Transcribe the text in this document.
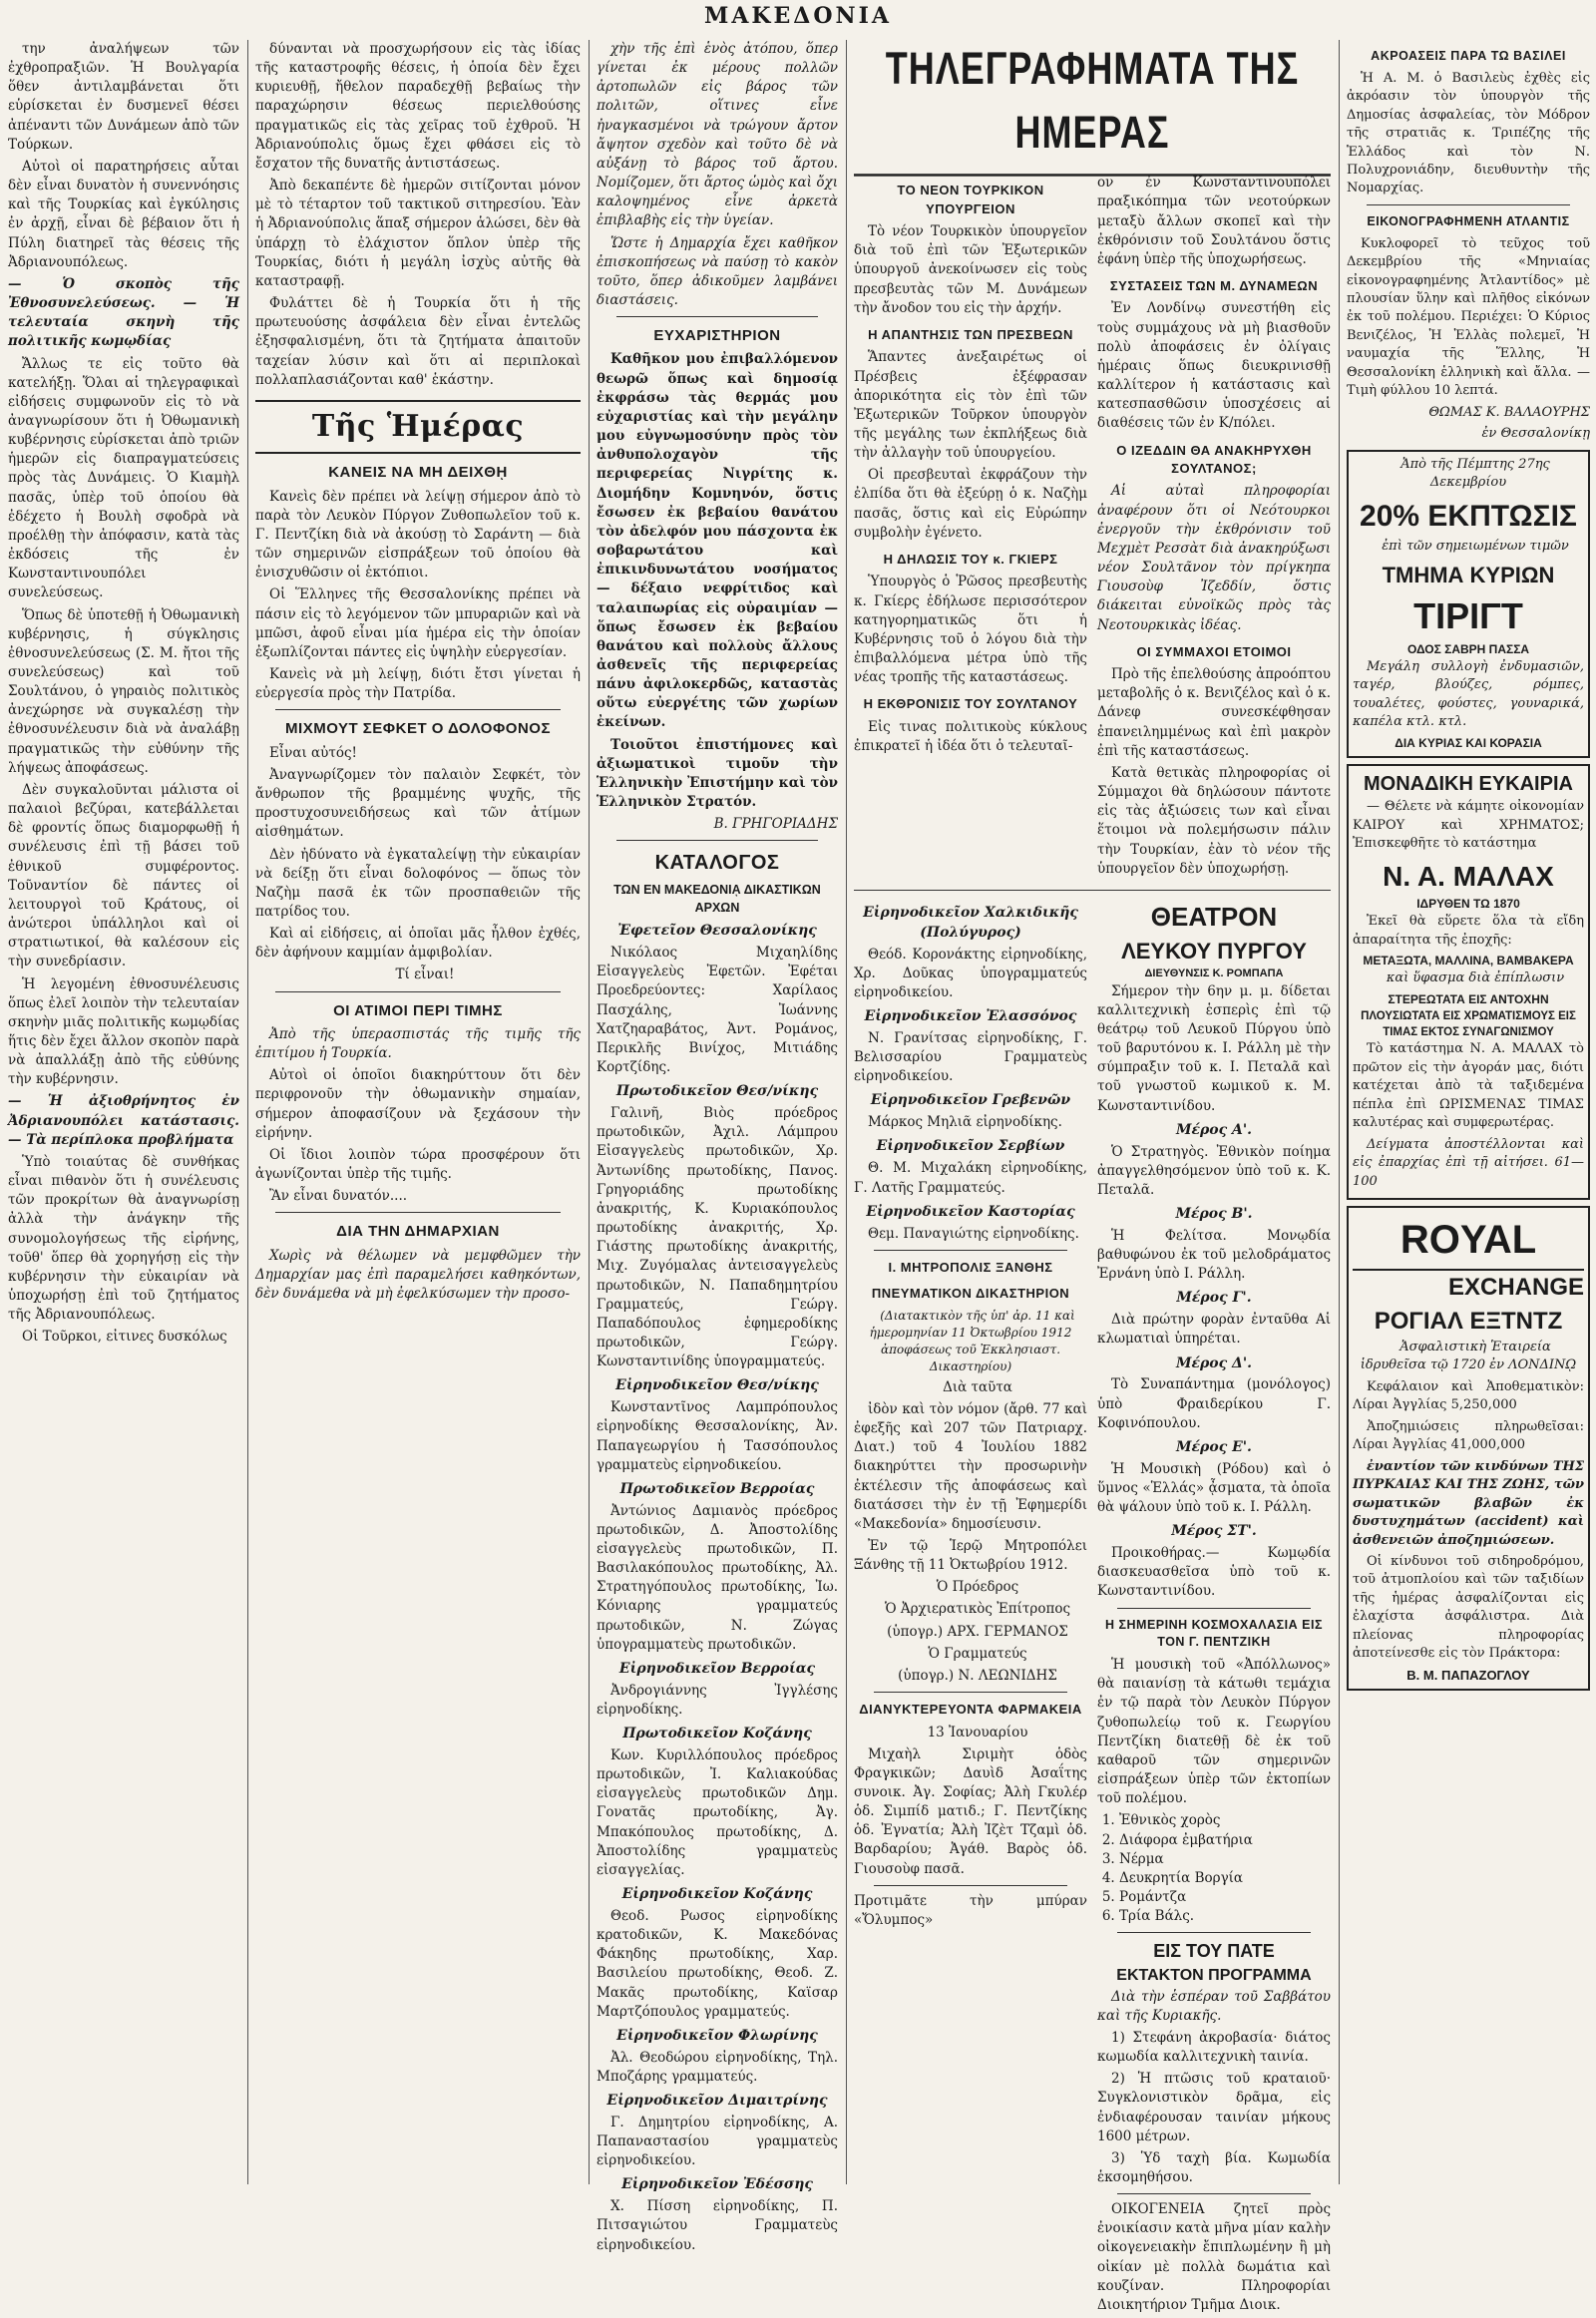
ΜΑΚΕΔΟΝΙΑ

την ἀναλήψεων τῶν ἐχθροπραξιῶν. Ἡ Βουλγαρία ὅθεν ἀντιλαμβάνεται ὅτι εὑρίσκεται ἐν δυσμενεῖ θέσει ἀπέναντι τῶν Δυνάμεων ἀπὸ τῶν Τούρκων.

Αὐτοὶ οἱ παρατηρήσεις αὗται δὲν εἶναι δυνατὸν ἡ συνεννόησις καὶ τῆς Τουρκίας καὶ ἐγκύλησις ἐν ἀρχῇ, εἶναι δὲ βέβαιον ὅτι ἡ Πύλη διατηρεῖ τὰς θέσεις τῆς Ἀδριανουπόλεως.

— Ὁ σκοπὸς τῆς Ἐθνοσυνελεύσεως. — Ἡ τελευταία σκηνὴ τῆς πολιτικῆς κωμῳδίας

Ἄλλως τε εἰς τοῦτο θὰ κατελήξῃ. Ὅλαι αἱ τηλεγραφικαὶ εἰδήσεις συμφωνοῦν εἰς τὸ νὰ ἀναγνωρίσουν ὅτι ἡ Ὀθωμανικὴ κυβέρνησις εὑρίσκεται ἀπὸ τριῶν ἡμερῶν εἰς διαπραγματεύσεις πρὸς τὰς Δυνάμεις. Ὁ Κιαμὴλ πασᾶς, ὑπὲρ τοῦ ὁποίου θὰ ἐδέχετο ἡ Βουλὴ σφοδρὰ νὰ προέλθῃ τὴν ἀπόφασιν, κατὰ τὰς ἐκδόσεις τῆς ἐν Κωνσταντινουπόλει συνελεύσεως.

Ὅπως δὲ ὑποτεθῇ ἡ Ὀθωμανικὴ κυβέρνησις, ἡ σύγκλησις ἐθνοσυνελεύσεως (Σ. Μ. ἤτοι τῆς συνελεύσεως) καὶ τοῦ Σουλτάνου, ὁ γηραιὸς πολιτικὸς ἀνεχώρησε νὰ συγκαλέσῃ τὴν ἐθνοσυνέλευσιν διὰ νὰ ἀναλάβῃ πραγματικῶς τὴν εὐθύνην τῆς λήψεως ἀποφάσεως.

Δὲν συγκαλοῦνται μάλιστα οἱ παλαιοὶ βεζύραι, κατεβάλλεται δὲ φροντίς ὅπως διαμορφωθῇ ἡ συνέλευσις ἐπὶ τῇ βάσει τοῦ ἐθνικοῦ συμφέροντος. Τοῦναντίον δὲ πάντες οἱ λειτουργοὶ τοῦ Κράτους, οἱ ἀνώτεροι ὑπάλληλοι καὶ οἱ στρατιωτικοί, θὰ καλέσουν εἰς τὴν συνεδρίασιν.

Ἡ λεγομένη ἐθνοσυνέλευσις ὅπως ἐλεῖ λοιπὸν τὴν τελευταίαν σκηνὴν μιᾶς πολιτικῆς κωμῳδίας ἥτις δὲν ἔχει ἄλλον σκοπὸν παρὰ νὰ ἀπαλλάξῃ ἀπὸ τῆς εὐθύνης τὴν κυβέρνησιν.

— Ἡ ἀξιοθρήνητος ἐν Ἀδριανουπόλει κατάστασις. — Τὰ περίπλοκα προβλήματα

Ὑπὸ τοιαύτας δὲ συνθήκας εἶναι πιθανὸν ὅτι ἡ συνέλευσις τῶν προκρίτων θὰ ἀναγνωρίσῃ ἀλλὰ τὴν ἀνάγκην τῆς συνομολογήσεως τῆς εἰρήνης, τοῦθ' ὅπερ θὰ χορηγήσῃ εἰς τὴν κυβέρνησιν τὴν εὐκαιρίαν νὰ ὑποχωρήσῃ ἐπὶ τοῦ ζητήματος τῆς Ἀδριανουπόλεως.

Οἱ Τοῦρκοι, εἰτινες δυσκόλως

δύνανται νὰ προσχωρήσουν εἰς τὰς ἰδίας τῆς καταστροφῆς θέσεις, ἡ ὁποία δὲν ἔχει κυριευθῇ, ἤθελον παραδεχθῇ βεβαίως τὴν παραχώρησιν θέσεως περιελθούσης πραγματικῶς εἰς τὰς χεῖρας τοῦ ἐχθροῦ. Ἡ Ἀδριανούπολις ὅμως ἔχει φθάσει εἰς τὸ ἔσχατον τῆς δυνατῆς ἀντιστάσεως.

Ἀπὸ δεκαπέντε δὲ ἡμερῶν σιτίζονται μόνον μὲ τὸ τέταρτον τοῦ τακτικοῦ σιτηρεσίου. Ἐὰν ἡ Ἀδριανούπολις ἅπαξ σήμερον ἁλώσει, δὲν θὰ ὑπάρχῃ τὸ ἐλάχιστον ὅπλον ὑπὲρ τῆς Τουρκίας, διότι ἡ μεγάλη ἰσχὺς αὐτῆς θὰ καταστραφῇ.

Φυλάττει δὲ ἡ Τουρκία ὅτι ἡ τῆς πρωτευούσης ἀσφάλεια δὲν εἶναι ἐντελῶς ἐξησφαλισμένη, ὅτι τὰ ζητήματα ἀπαιτοῦν ταχείαν λύσιν καὶ ὅτι αἱ περιπλοκαὶ πολλαπλασιάζονται καθ' ἑκάστην.

Τῆς Ἡμέρας
ΚΑΝΕΙΣ ΝΑ ΜΗ ΔΕΙΧΘῌ

Κανεὶς δὲν πρέπει νὰ λείψῃ σήμερον ἀπὸ τὸ παρὰ τὸν Λευκὸν Πύργον Ζυθοπωλεῖον τοῦ κ. Γ. Πεντζίκη διὰ νὰ ἀκούσῃ τὸ Σαράντη — διὰ τῶν σημερινῶν εἰσπράξεων τοῦ ὁποίου θὰ ἐνισχυθῶσιν οἱ ἐκτόπιοι.

Οἱ Ἕλληνες τῆς Θεσσαλονίκης πρέπει νὰ πάσιν εἰς τὸ λεγόμενον τῶν μπυραριῶν καὶ νὰ μπῶσι, ἀφοῦ εἶναι μία ἡμέρα εἰς τὴν ὁποίαν ἐξωπλίζονται πάντες εἰς ὑψηλὴν εὐεργεσίαν.

Κανεὶς νὰ μὴ λείψῃ, διότι ἔτσι γίνεται ἡ εὐεργεσία πρὸς τὴν Πατρίδα.

ΜΙΧΜΟΥΤ ΣΕΦΚΕΤ Ο ΔΟΛΟΦΟΝΟΣ

Εἶναι αὐτός!

Ἀναγνωρίζομεν τὸν παλαιὸν Σεφκέτ, τὸν ἄνθρωπον τῆς βραμμένης ψυχῆς, τῆς προστυχοσυνειδήσεως καὶ τῶν ἀτίμων αἰσθημάτων.

Δὲν ἠδύνατο νὰ ἐγκαταλείψῃ τὴν εὐκαιρίαν νὰ δείξῃ ὅτι εἶναι δολοφόνος — ὅπως τὸν Ναζὴμ πασᾶ ἐκ τῶν προσπαθειῶν τῆς πατρίδος του.

Καὶ αἱ εἰδήσεις, αἱ ὁποῖαι μᾶς ἦλθον ἐχθές, δὲν ἀφήνουν καμμίαν ἀμφιβολίαν.

Τί εἶναι!

ΟΙ ΑΤΙΜΟΙ ΠΕΡΙ ΤΙΜΗΣ

Ἀπὸ τῆς ὑπερασπιστάς τῆς τιμῆς τῆς ἐπιτίμου ἡ Τουρκία.

Αὐτοὶ οἱ ὁποῖοι διακηρύττουν ὅτι δὲν περιφρονοῦν τὴν ὀθωμανικὴν σημαίαν, σήμερον ἀποφασίζουν νὰ ξεχάσουν τὴν εἰρήνην.

Οἱ ἴδιοι λοιπὸν τώρα προσφέρουν ὅτι ἀγωνίζονται ὑπὲρ τῆς τιμῆς.

Ἂν εἶναι δυνατόν....

ΔΙΑ ΤΗΝ ΔΗΜΑΡΧΙΑΝ

Χωρὶς νὰ θέλωμεν νὰ μεμφθῶμεν τὴν Δημαρχίαν μας ἐπὶ παραμελήσει καθηκόντων, δὲν δυνάμεθα νὰ μὴ ἐφελκύσωμεν τὴν προσο-

χὴν τῆς ἐπὶ ἑνὸς ἀτόπου, ὅπερ γίνεται ἐκ μέρους πολλῶν ἀρτοπωλῶν εἰς βάρος τῶν πολιτῶν, οἵτινες εἶνε ἠναγκασμένοι νὰ τρώγουν ἄρτον ἄψητον σχεδὸν καὶ τοῦτο δὲ νὰ αὐξάνῃ τὸ βάρος τοῦ ἄρτου. Νομίζομεν, ὅτι ἄρτος ὡμὸς καὶ ὄχι καλοψημένος εἶνε ἀρκετὰ ἐπιβλαβὴς εἰς τὴν ὑγείαν.

Ὥστε ἡ Δημαρχία ἔχει καθῆκον ἐπισκοπήσεως νὰ παύσῃ τὸ κακὸν τοῦτο, ὅπερ ἀδικοῦμεν λαμβάνει διαστάσεις.

ΕΥΧΑΡΙΣΤΗΡΙΟΝ

Καθῆκον μου ἐπιβαλλόμενον θεωρῶ ὅπως καὶ δημοσίᾳ ἐκφράσω τὰς θερμάς μου εὐχαριστίας καὶ τὴν μεγάλην μου εὐγνωμοσύνην πρὸς τὸν ἀνθυπολοχαγὸν τῆς περιφερείας Νιγρίτης κ. Διομήδην Κομνηνόν, ὅστις ἔσωσεν ἐκ βεβαίου θανάτου τὸν ἀδελφόν μου πάσχοντα ἐκ σοβαρωτάτου καὶ ἐπικινδυνωτάτου νοσήματος — δέξαιο νεφρίτιδος καὶ ταλαιπωρίας εἰς οὐραιμίαν — ὅπως ἔσωσεν ἐκ βεβαίου θανάτου καὶ πολλοὺς ἄλλους ἀσθενεῖς τῆς περιφερείας πάνυ ἀφιλοκερδῶς, καταστὰς οὕτω εὐεργέτης τῶν χωρίων ἐκείνων.

Τοιοῦτοι ἐπιστήμονες καὶ ἀξιωματικοὶ τιμοῦν τὴν Ἑλληνικὴν Ἐπιστήμην καὶ τὸν Ἑλληνικὸν Στρατόν.

Β. ΓΡΗΓΟΡΙΑΔΗΣ

ΚΑΤΑΛΟΓΟΣ
ΤΩΝ ΕΝ ΜΑΚΕΔΟΝΙᾼ ΔΙΚΑΣΤΙΚΩΝ ΑΡΧΩΝ
Ἐφετεῖον Θεσσαλονίκης

Νικόλαος Μιχαηλίδης Εἰσαγγελεὺς Ἐφετῶν. Ἐφέται Προεδρεύοντες: Χαρίλαος Πασχάλης, Ἰωάννης Χατζηαραβάτος, Ἀντ. Ρομάνος, Περικλῆς Βινίχος, Μιτιάδης Κορτζίδης.

Πρωτοδικεῖον Θεσ/νίκης

Γαλινῆ, Βιὸς πρόεδρος πρωτοδικῶν, Ἀχιλ. Λάμπρου Εἰσαγγελεὺς πρωτοδικῶν, Χρ. Ἀντωνίδης πρωτοδίκης, Πανος. Γρηγοριάδης πρωτοδίκης ἀνακριτής, Κ. Κυριακόπουλος πρωτοδίκης ἀνακριτής, Χρ. Γιάστης πρωτοδίκης ἀνακριτής, Μιχ. Ζυγόμαλας ἀντεισαγγελεὺς πρωτοδικῶν, Ν. Παπαδημητρίου Γραμματεύς, Γεώργ. Παπαδόπουλος ἐφημεροδίκης πρωτοδικῶν, Γεώργ. Κωνσταντινίδης ὑπογραμματεύς.

Εἰρηνοδικεῖον Θεσ/νίκης

Κωνσταντῖνος Λαμπρόπουλος εἰρηνοδίκης Θεσσαλονίκης, Ἀν. Παπαγεωργίου ἡ Τασσόπουλος γραμματεὺς εἰρηνοδικείου.

Πρωτοδικεῖον Βερροίας

Ἀντώνιος Δαμιανὸς πρόεδρος πρωτοδικῶν, Δ. Ἀποστολίδης εἰσαγγελεὺς πρωτοδικῶν, Π. Βασιλακόπουλος πρωτοδίκης, Ἀλ. Στρατηγόπουλος πρωτοδίκης, Ἰω. Κόνιαρης γραμματεύς πρωτοδικῶν, Ν. Ζώγας ὑπογραμματεὺς πρωτοδικῶν.

Εἰρηνοδικεῖον Βερροίας

Ἀνδρογιάννης Ἰγγλέσης εἰρηνοδίκης.

Πρωτοδικεῖον Κοζάνης

Κων. Κυριλλόπουλος πρόεδρος πρωτοδικῶν, Ἰ. Καλιακούδας εἰσαγγελεὺς πρωτοδικῶν Δημ. Γονατᾶς πρωτοδίκης, Ἀγ. Μπακόπουλος πρωτοδίκης, Δ. Ἀποστολίδης γραμματεὺς εἰσαγγελίας.

Εἰρηνοδικεῖον Κοζάνης

Θεοδ. Ρωσος εἰρηνοδίκης κρατοδικῶν, Κ. Μακεδόνας Φάκηδης πρωτοδίκης, Χαρ. Βασιλείου πρωτοδίκης, Θεοδ. Ζ. Μακᾶς πρωτοδίκης, Καϊσαρ Μαρτζόπουλος γραμματεύς.

Εἰρηνοδικεῖον Φλωρίνης

Ἀλ. Θεοδώρου εἰρηνοδίκης, Τηλ. Μποζάρης γραμματεύς.

Εἰρηνοδικεῖον Διμαιτρίνης

Γ. Δημητρίου εἰρηνοδίκης, Α. Παπαναστασίου γραμματεὺς εἰρηνοδικείου.

Εἰρηνοδικεῖον Ἐδέσσης

Χ. Πίσση εἰρηνοδίκης, Π. Πιτσαγιώτου Γραμματεὺς εἰρηνοδικείου.

ΤΗΛΕΓΡΑΦΗΜΑΤΑ ΤΗΣ ΗΜΕΡΑΣ
ΤΟ ΝΕΟΝ ΤΟΥΡΚΙΚΟΝ ΥΠΟΥΡΓΕΙΟΝ

Τὸ νέον Τουρκικὸν ὑπουργεῖον διὰ τοῦ ἐπὶ τῶν Ἐξωτερικῶν ὑπουργοῦ ἀνεκοίνωσεν εἰς τοὺς πρεσβευτὰς τῶν Μ. Δυνάμεων τὴν ἄνοδον του εἰς τὴν ἀρχήν.

Η ΑΠΑΝΤΗΣΙΣ ΤΩΝ ΠΡΕΣΒΕΩΝ

Ἅπαντες ἀνεξαιρέτως οἱ Πρέσβεις ἐξέφρασαν ἀπορικότητα εἰς τὸν ἐπὶ τῶν Ἐξωτερικῶν Τοῦρκον ὑπουργὸν τῆς μεγάλης των ἐκπλήξεως διὰ τὴν ἀλλαγὴν τοῦ ὑπουργείου.

Οἱ πρεσβευταὶ ἐκφράζουν τὴν ἐλπίδα ὅτι θὰ ἐξεύρῃ ὁ κ. Ναζὴμ πασᾶς, ὅστις καὶ εἰς Εὐρώπην συμβολὴν ἐγένετο.

Η ΔΗΛΩΣΙΣ ΤΟΥ κ. ΓΚΙΕΡΣ

Ὑπουργὸς ὁ Ῥῶσος πρεσβευτὴς κ. Γκίερς ἐδήλωσε περισσότερον κατηγορηματικῶς ὅτι ἡ Κυβέρνησις τοῦ ὁ λόγου διὰ τὴν ἐπιβαλλόμενα μέτρα ὑπὸ τῆς νέας τροπῆς τῆς καταστάσεως.

Η ΕΚΘΡΟΝΙΣΙΣ ΤΟΥ ΣΟΥΛΤΑΝΟΥ

Εἰς τινας πολιτικοὺς κύκλους ἐπικρατεῖ ἡ ἰδέα ὅτι ὁ τελευταῖ-

ον ἐν Κωνσταντινουπόλει πραξικόπημα τῶν νεοτούρκων μεταξὺ ἄλλων σκοπεῖ καὶ τὴν ἐκθρόνισιν τοῦ Σουλτάνου ὅστις ἐφάνη ὑπὲρ τῆς ὑποχωρήσεως.

ΣΥΣΤΑΣΕΙΣ ΤΩΝ Μ. ΔΥΝΑΜΕΩΝ

Ἐν Λονδίνῳ συνεστήθη εἰς τοὺς συμμάχους νὰ μὴ βιασθοῦν πολὺ ἀποφάσεις ἐν ὀλίγαις ἡμέραις ὅπως διευκρινισθῇ καλλίτερον ἡ κατάστασις καὶ κατεσπασθῶσιν ὑποσχέσεις αἱ διαθέσεις τῶν ἐν Κ/πόλει.

Ο ΙΖΕΔΔΙΝ ΘΑ ΑΝΑΚΗΡΥΧΘΗ ΣΟΥΛΤΑΝΟΣ;

Αἱ αὐταὶ πληροφορίαι ἀναφέρουν ὅτι οἱ Νεότουρκοι ἐνεργοῦν τὴν ἐκθρόνισιν τοῦ Μεχμὲτ Ρεσσὰτ διὰ ἀνακηρύξωσι νέον Σουλτᾶνον τὸν πρίγκηπα Γιουσοὺφ Ἰζεδδίν, ὅστις διάκειται εὐνοϊκῶς πρὸς τὰς Νεοτουρκικὰς ἰδέας.

ΟΙ ΣΥΜΜΑΧΟΙ ΕΤΟΙΜΟΙ

Πρὸ τῆς ἐπελθούσης ἀπροόπτου μεταβολῆς ὁ κ. Βενιζέλος καὶ ὁ κ. Δάνεφ συνεσκέφθησαν ἐπανειλημμένως καὶ ἐπὶ μακρὸν ἐπὶ τῆς καταστάσεως.

Κατὰ θετικὰς πληροφορίας οἱ Σύμμαχοι θὰ δηλώσουν πάντοτε εἰς τὰς ἀξιώσεις των καὶ εἶναι ἕτοιμοι νὰ πολεμήσωσιν πάλιν τὴν Τουρκίαν, ἐὰν τὸ νέον τῆς ὑπουργεῖον δὲν ὑποχωρήσῃ.

Εἰρηνοδικεῖον Χαλκιδικῆς (Πολύγυρος)

Θεόδ. Κορονάκτης εἰρηνοδίκης, Χρ. Δοῦκας ὑπογραμματεύς εἰρηνοδικείου.

Εἰρηνοδικεῖον Ἐλασσόνος

Ν. Γρανίτσας εἰρηνοδίκης, Γ. Βελισσαρίου Γραμματεὺς εἰρηνοδικείου.

Εἰρηνοδικεῖον Γρεβενῶν

Μάρκος Μηλιᾶ εἰρηνοδίκης.

Εἰρηνοδικεῖον Σερβίων

Θ. Μ. Μιχαλάκη εἰρηνοδίκης, Γ. Λατῆς Γραμματεύς.

Εἰρηνοδικεῖον Καστορίας

Θεμ. Παναγιώτης εἰρηνοδίκης.

Ι. ΜΗΤΡΟΠΟΛΙΣ ΞΑΝΘΗΣ
ΠΝΕΥΜΑΤΙΚΟΝ ΔΙΚΑΣΤΗΡΙΟΝ

(Διατακτικὸν τῆς ὑπ' ἀρ. 11 καὶ ἡμερομηνίαν 11 Ὀκτωβρίου 1912 ἀποφάσεως τοῦ Ἐκκλησιαστ. Δικαστηρίου)

Διὰ ταῦτα

ἰδὸν καὶ τὸν νόμον (ἄρθ. 77 καὶ ἐφεξῆς καὶ 207 τῶν Πατριαρχ. Διατ.) τοῦ 4 Ἰουλίου 1882 διακηρύττει τὴν προσωρινὴν ἐκτέλεσιν τῆς ἀποφάσεως καὶ διατάσσει τὴν ἐν τῇ Ἐφημερίδι «Μακεδονία» δημοσίευσιν.

Ἐν τῷ Ἱερῷ Μητροπόλει Ξάνθης τῇ 11 Ὀκτωβρίου 1912.

Ὁ Πρόεδρος

Ὁ Ἀρχιερατικὸς Ἐπίτροπος

(ὑπογρ.) ΑΡΧ. ΓΕΡΜΑΝΟΣ

Ὁ Γραμματεύς

(ὑπογρ.) Ν. ΛΕΩΝΙΔΗΣ

ΔΙΑΝΥΚΤΕΡΕΥΟΝΤΑ ΦΑΡΜΑΚΕΙΑ

13 Ἰανουαρίου

Μιχαὴλ Σιριμὴτ ὁδὸς Φραγκικῶν; Δαυὶδ Ἀσαΐτης συνοικ. Ἀγ. Σοφίας; Ἀλὴ Γκυλέρ ὁδ. Σιμπίδ ματιδ.; Γ. Πεντζίκης ὁδ. Ἐγνατία; Ἀλὴ Ἰζὲτ Τζαμὶ ὁδ. Βαρδαρίου; Ἀγάθ. Βαρὸς ὁδ. Γιουσοὺφ πασᾶ.

Προτιμᾶτε τὴν μπύραν «Ὄλυμπος»

ΘΕΑΤΡΟΝ
ΛΕΥΚΟΥ ΠΥΡΓΟΥ
ΔΙΕΥΘΥΝΣΙΣ Κ. ΡΟΜΠΑΠΑ

Σήμερον τὴν 6ην μ. μ. δίδεται καλλιτεχνικὴ ἑσπερὶς ἐπὶ τῷ θεάτρῳ τοῦ Λευκοῦ Πύργου ὑπὸ τοῦ βαρυτόνου κ. Ι. Ράλλη μὲ τὴν σύμπραξιν τοῦ κ. Ι. Πεταλᾶ καὶ τοῦ γνωστοῦ κωμικοῦ κ. Μ. Κωνσταντινίδου.

Μέρος Α'.

Ὁ Στρατηγὸς. Ἐθνικὸν ποίημα ἀπαγγελθησόμενον ὑπὸ τοῦ κ. Κ. Πεταλᾶ.

Μέρος Β'.

Ἡ Φελίτσα. Μονῳδία βαθυφώνου ἐκ τοῦ μελοδράματος Ἐρνάνη ὑπὸ Ι. Ράλλη.

Μέρος Γ'.

Διὰ πρώτην φορὰν ἐνταῦθα Αἱ κλωματιαὶ ὑπηρέται.

Μέρος Δ'.

Τὸ Συναπάντημα (μονόλογος) ὑπὸ Φραιδερίκου Γ. Κοφινόπουλου.

Μέρος Ε'.

Ἡ Μουσικὴ (Ρόδου) καὶ ὁ ὕμνος «Ἑλλάς» ᾆσματα, τὰ ὁποῖα θὰ ψάλουν ὑπὸ τοῦ κ. Ι. Ράλλη.

Μέρος ΣΤ'.

Προικοθήρας.— Κωμῳδία διασκευασθεῖσα ὑπὸ τοῦ κ. Κωνσταντινίδου.

Η ΣΗΜΕΡΙΝΗ ΚΟΣΜΟΧΑΛΑΣΙΑ ΕΙΣ ΤΟΝ Γ. ΠΕΝΤΖΙΚΗ

Ἡ μουσικὴ τοῦ «Ἀπόλλωνος» θὰ παιανίσῃ τὰ κάτωθι τεμάχια ἐν τῷ παρὰ τὸν Λευκὸν Πύργον ζυθοπωλείῳ τοῦ κ. Γεωργίου Πεντζίκη διατεθῇ δὲ ἐκ τοῦ καθαροῦ τῶν σημερινῶν εἰσπράξεων ὑπὲρ τῶν ἐκτοπίων τοῦ πολέμου.

1. Ἐθνικὸς χορὸς
2. Διάφορα ἐμβατήρια
3. Νέρμα
4. Δευκρητία Βοργία
5. Ρομάντζα
6. Τρία Βάλς.
ΕΙΣ ΤΟΥ ΠΑΤΕ
ΕΚΤΑΚΤΟΝ ΠΡΟΓΡΑΜΜΑ

Διὰ τὴν ἑσπέραν τοῦ Σαββάτου καὶ τῆς Κυριακῆς.

1) Στεφάνη ἀκροβασία· διάτος κωμωδία καλλιτεχνικὴ ταινία.

2) Ἡ πτῶσις τοῦ κραταιοῦ· Συγκλονιστικὸν δρᾶμα, εἰς ἐνδιαφέρουσαν ταινίαν μήκους 1600 μέτρων.

3) Ὑδ ταχὴ βία. Κωμωδία ἑκσομηθήσου.

ΟΙΚΟΓΕΝΕΙΑ ζητεῖ πρὸς ἐνοικίασιν κατὰ μῆνα μίαν καλὴν οἰκογενειακὴν ἔπιπλωμένην ἢ μὴ οἰκίαν μὲ πολλὰ δωμάτια καὶ κουζίναν. Πληροφορίαι Διοικητήριον Τμῆμα Διοικ.

ΑΚΡΟΑΣΕΙΣ ΠΑΡΑ ΤΩ ΒΑΣΙΛΕΙ

Ἡ Α. Μ. ὁ Βασιλεὺς ἐχθὲς εἰς ἀκρόασιν τὸν ὑπουργὸν τῆς Δημοσίας ἀσφαλείας, τὸν Μόδρον τῆς στρατιᾶς κ. Τριπέζης τῆς Ἑλλάδος καὶ τὸν Ν. Πολυχρονιάδην, διευθυντὴν τῆς Νομαρχίας.

ΕΙΚΟΝΟΓΡΑΦΗΜΕΝΗ ΑΤΛΑΝΤΙΣ

Κυκλοφορεῖ τὸ τεῦχος τοῦ Δεκεμβρίου τῆς «Μηνιαίας εἰκονογραφημένης Ἀτλαντίδος» μὲ πλουσίαν ὕλην καὶ πλῆθος εἰκόνων ἐκ τοῦ πολέμου. Περιέχει: Ὁ Κύριος Βενιζέλος, Ἡ Ἑλλὰς πολεμεῖ, Ἡ ναυμαχία τῆς Ἕλλης, Ἡ Θεσσαλονίκη ἑλληνικὴ καὶ ἄλλα. — Τιμὴ φύλλου 10 λεπτά.

ΘΩΜΑΣ Κ. ΒΑΛΑΟΥΡΗΣ

ἐν Θεσσαλονίκῃ

Ἀπὸ τῆς Πέμπτης 27ης Δεκεμβρίου

20% ΕΚΠΤΩΣΙΣ

ἐπὶ τῶν σημειωμένων τιμῶν

ΤΜΗΜΑ ΚΥΡΙΩΝ
ΤΙΡΙΓΤ
ΟΔΟΣ ΣΑΒΡΗ ΠΑΣΣΑ

Μεγάλη συλλογὴ ἐνδυμασιῶν, ταγέρ, βλούζες, ρόμπες, τουαλέτες, φούστες, γουναρικά, καπέλα κτλ. κτλ.

ΔΙΑ ΚΥΡΙΑΣ ΚΑΙ ΚΟΡΑΣΙΑ
ΜΟΝΑΔΙΚΗ ΕΥΚΑΙΡΙΑ

— Θέλετε νὰ κάμητε οἰκονομίαν ΚΑΙΡΟΥ καὶ ΧΡΗΜΑΤΟΣ; Ἐπισκεφθῆτε τὸ κατάστημα

Ν. Α. ΜΑΛΑΧ
ΙΔΡΥΘΕΝ ΤΩ 1870

Ἐκεῖ θὰ εὕρετε ὅλα τὰ εἴδη ἀπαραίτητα τῆς ἐποχῆς:

ΜΕΤΑΞΩΤΑ, ΜΑΛΛΙΝΑ, ΒΑΜΒΑΚΕΡΑ

καὶ ὕφασμα διὰ ἐπίπλωσιν

ΣΤΕΡΕΩΤΑΤΑ ΕΙΣ ΑΝΤΟΧΗΝ
ΠΛΟΥΣΙΩΤΑΤΑ ΕΙΣ ΧΡΩΜΑΤΙΣΜΟΥΣ ΕΙΣ ΤΙΜΑΣ ΕΚΤΟΣ ΣΥΝΑΓΩΝΙΣΜΟΥ

Τὸ κατάστημα Ν. Α. ΜΑΛΑΧ τὸ πρῶτον εἰς τὴν ἀγοράν μας, διότι κατέχεται ἀπὸ τὰ ταξιδεμένα πέπλα ἐπὶ ΩΡΙΣΜΕΝΑΣ ΤΙΜΑΣ καλυτέρας καὶ συμφερωτέρας.

Δείγματα ἀποστέλλονται καὶ εἰς ἐπαρχίας ἐπὶ τῇ αἰτήσει. 61—100

ROYAL
EXCHANGE
ΡΟΓΙΑΛ ΕΞΤΝΤΖ

Ἀσφαλιστικὴ Ἑταιρεία ἱδρυθεῖσα τῷ 1720 ἐν ΛΟΝΔΙΝῼ

Κεφάλαιον καὶ Ἀποθεματικὸν: Λίραι Ἀγγλίας 5,250,000

Ἀποζημιώσεις πληρωθεῖσαι: Λίραι Ἀγγλίας 41,000,000

ἐναντίον τῶν κινδύνων ΤΗΣ ΠΥΡΚΑΙΑΣ ΚΑΙ ΤΗΣ ΖΩΗΣ, τῶν σωματικῶν βλαβῶν ἐκ δυστυχημάτων (accident) καὶ ἀσθενειῶν ἀποζημιώσεων.

Οἱ κίνδυνοι τοῦ σιδηροδρόμου, τοῦ ἀτμοπλοίου καὶ τῶν ταξιδίων τῆς ἡμέρας ἀσφαλίζονται εἰς ἐλαχίστα ἀσφάλιστρα. Διὰ πλείονας πληροφορίας ἀποτείνεσθε εἰς τὸν Πράκτορα:

Β. Μ. ΠΑΠΑΖΟΓΛΟΥ
